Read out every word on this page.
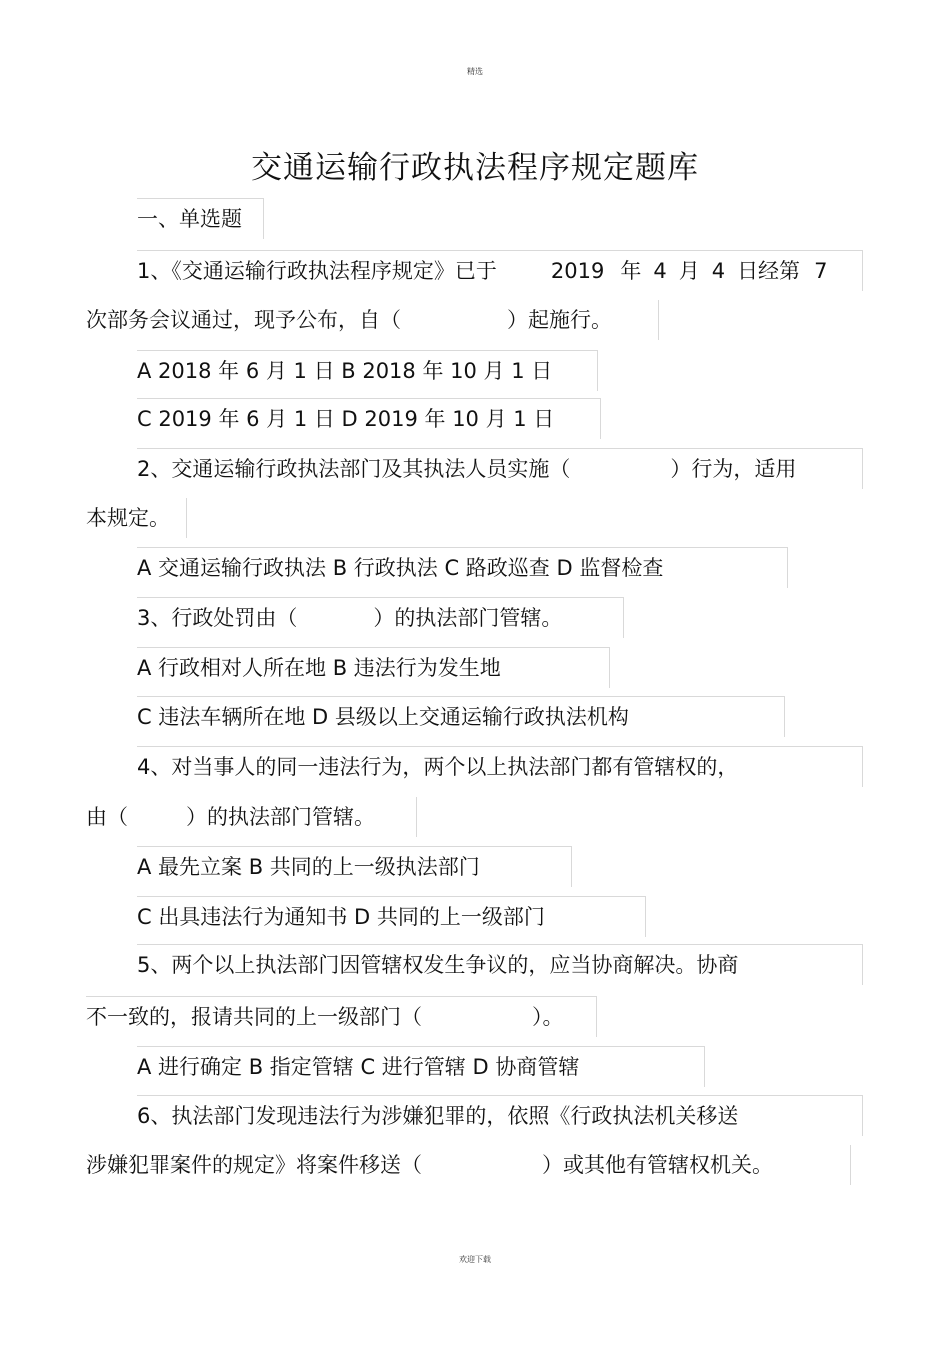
精选
交通运输行政执法程序规定题库
一、单选题
1、《交通运输行政执法程序规定》已于	2019 年 4 月 4 日经第 7
次部务会议通过，现予公布，自（	）起施行。
A 2018 年 6 月 1 日 B 2018 年 10 月 1 日
C 2019 年 6 月 1 日 D 2019 年 10 月 1 日
2、交通运输行政执法部门及其执法人员实施（	）行为，适用
本规定。
A 交通运输行政执法 B 行政执法 C 路政巡查 D 监督检查
3、行政处罚由（	）的执法部门管辖。
A 行政相对人所在地 B 违法行为发生地
C 违法车辆所在地 D 县级以上交通运输行政执法机构
4、对当事人的同一违法行为，两个以上执法部门都有管辖权的，
由（	）的执法部门管辖。
A 最先立案 B 共同的上一级执法部门
C 出具违法行为通知书 D 共同的上一级部门
5、两个以上执法部门因管辖权发生争议的，应当协商解决。协商
不一致的，报请共同的上一级部门（	）。
A 进行确定 B 指定管辖 C 进行管辖 D 协商管辖
6、执法部门发现违法行为涉嫌犯罪的，依照《行政执法机关移送
涉嫌犯罪案件的规定》将案件移送（	）或其他有管辖权机关。
欢迎下载
